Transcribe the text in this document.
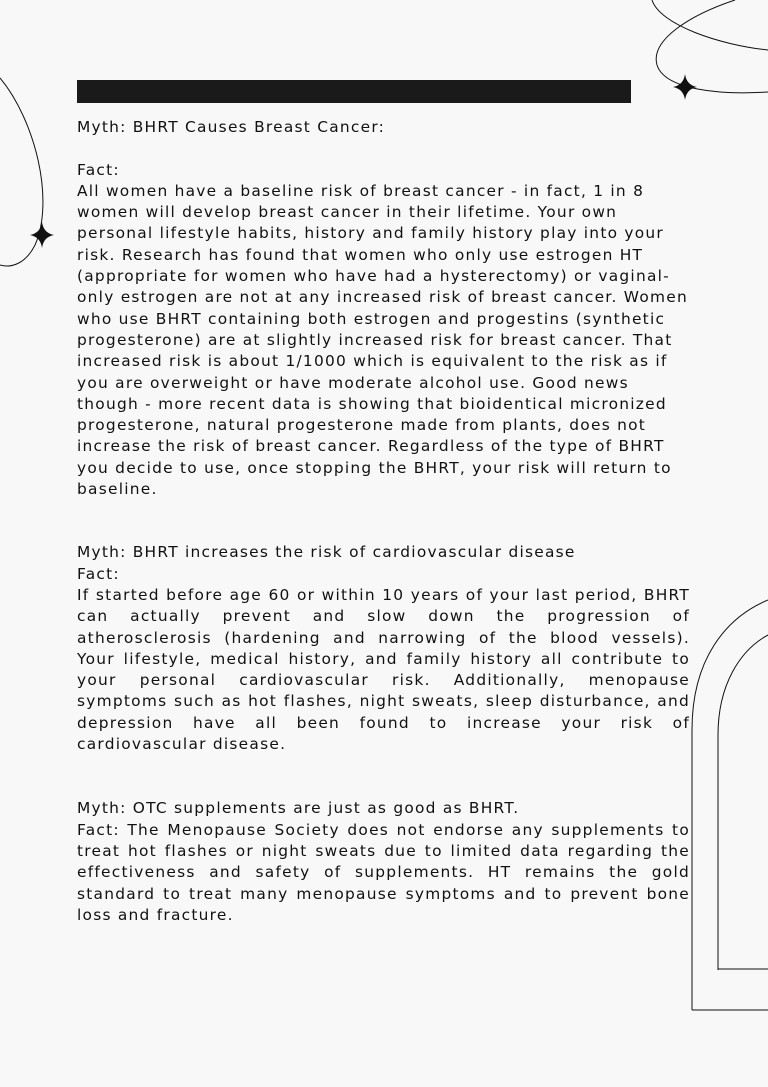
Myth: BHRT Causes Breast Cancer:

Fact:

All women have a baseline risk of breast cancer - in fact, 1 in 8 women will develop breast cancer in their lifetime. Your own personal lifestyle habits, history and family history play into your risk. Research has found that women who only use estrogen HT (appropriate for women who have had a hysterectomy) or vaginal-only estrogen are not at any increased risk of breast cancer. Women who use BHRT containing both estrogen and progestins (synthetic progesterone) are at slightly increased risk for breast cancer. That increased risk is about 1/1000 which is equivalent to the risk as if you are overweight or have moderate alcohol use. Good news though - more recent data is showing that bioidentical micronized progesterone, natural progesterone made from plants, does not increase the risk of breast cancer. Regardless of the type of BHRT you decide to use, once stopping the BHRT, your risk will return to baseline.

Myth: BHRT increases the risk of cardiovascular disease

Fact:

If started before age 60 or within 10 years of your last period, BHRT can actually prevent and slow down the progression of atherosclerosis (hardening and narrowing of the blood vessels). Your lifestyle, medical history, and family history all contribute to your personal cardiovascular risk. Additionally, menopause symptoms such as hot flashes, night sweats, sleep disturbance, and depression have all been found to increase your risk of cardiovascular disease.

Myth: OTC supplements are just as good as BHRT.

Fact: The Menopause Society does not endorse any supplements to treat hot flashes or night sweats due to limited data regarding the effectiveness and safety of supplements. HT remains the gold standard to treat many menopause symptoms and to prevent bone loss and fracture.
